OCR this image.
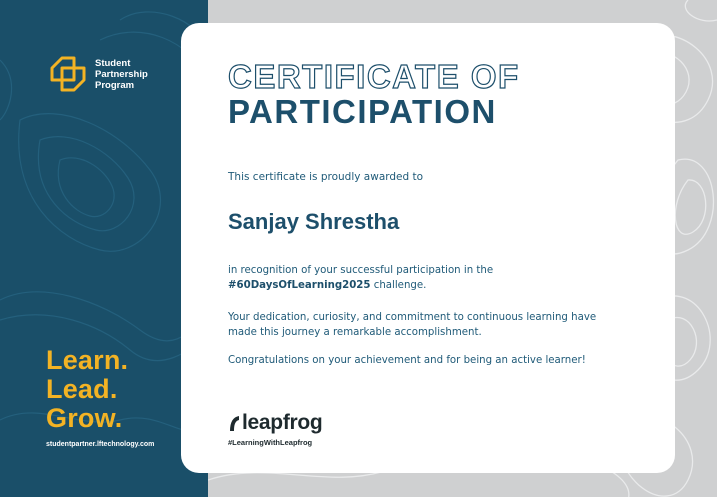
Student Partnership Program
Learn.
Lead.
Grow.
studentpartner.lftechnology.com
CERTIFICATE OF
PARTICIPATION
This certificate is proudly awarded to
Sanjay Shrestha
in recognition of your successful participation in the
#60DaysOfLearning2025 challenge.
Your dedication, curiosity, and commitment to continuous learning have made this journey a remarkable accomplishment.
Congratulations on your achievement and for being an active learner!
leapfrog
#LearningWithLeapfrog
